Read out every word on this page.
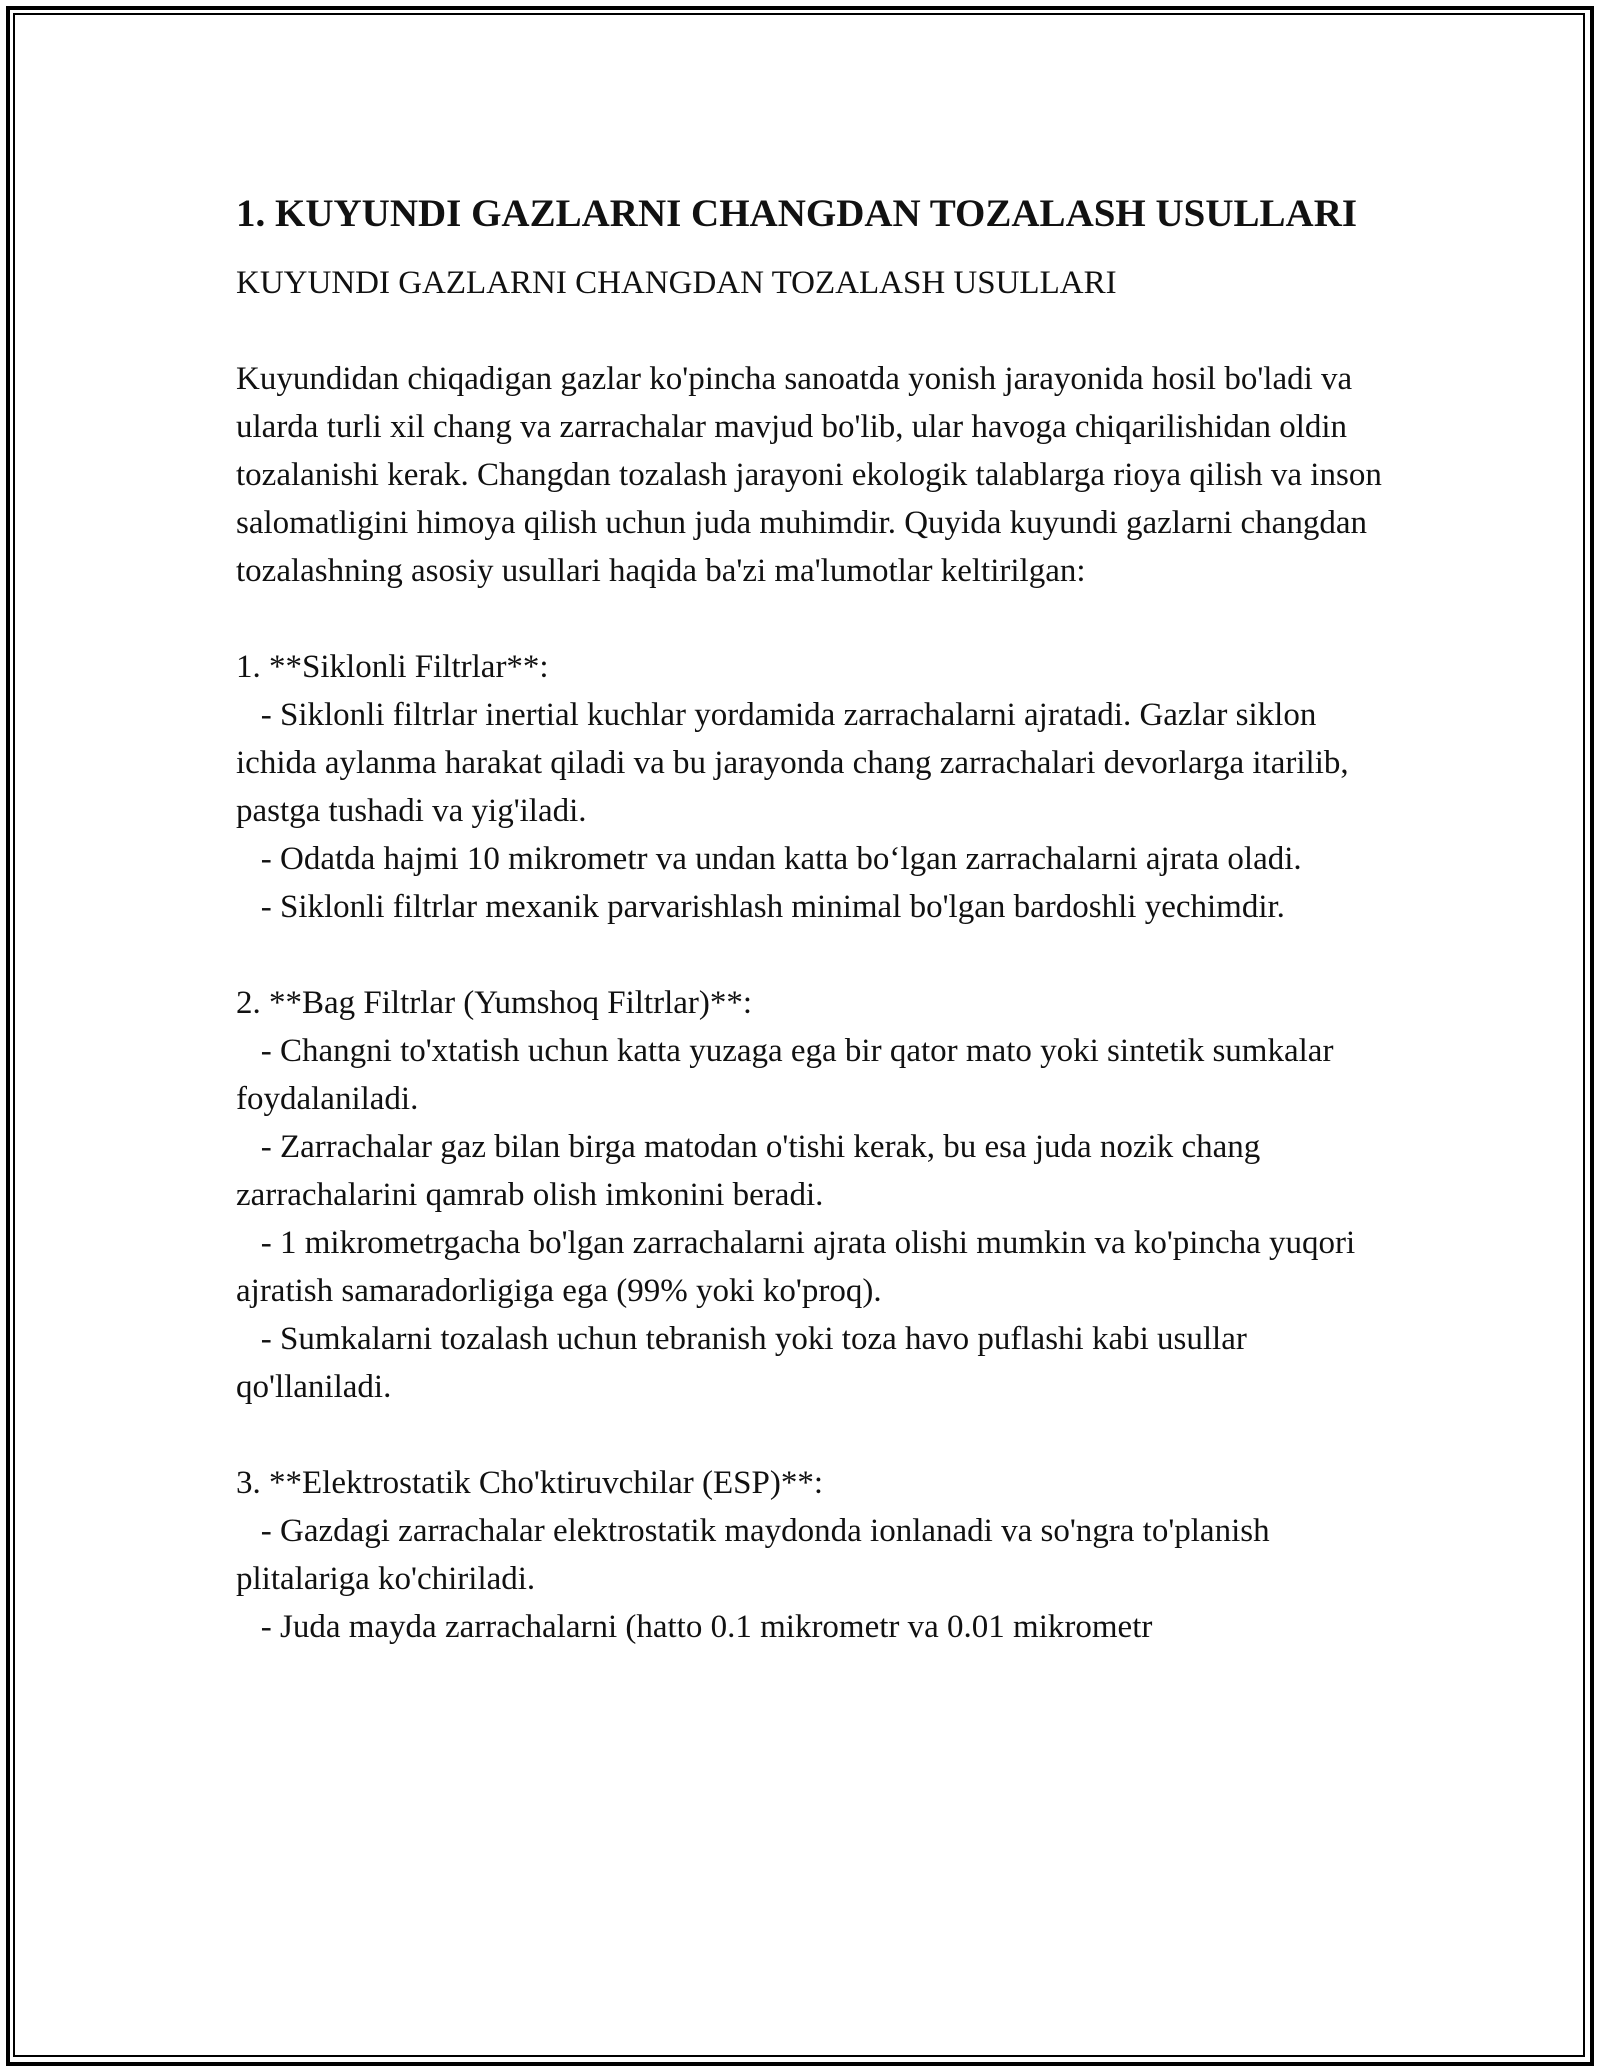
1. KUYUNDI GAZLARNI CHANGDAN TOZALASH USULLARI

KUYUNDI GAZLARNI CHANGDAN TOZALASH USULLARI

Kuyundidan chiqadigan gazlar ko'pincha sanoatda yonish jarayonida hosil bo'ladi va ularda turli xil chang va zarrachalar mavjud bo'lib, ular havoga chiqarilishidan oldin tozalanishi kerak. Changdan tozalash jarayoni ekologik talablarga rioya qilish va inson salomatligini himoya qilish uchun juda muhimdir. Quyida kuyundi gazlarni changdan tozalashning asosiy usullari haqida ba'zi ma'lumotlar keltirilgan:

1. **Siklonli Filtrlar**:
- Siklonli filtrlar inertial kuchlar yordamida zarrachalarni ajratadi. Gazlar siklon ichida aylanma harakat qiladi va bu jarayonda chang zarrachalari devorlarga itarilib, pastga tushadi va yig'iladi.
- Odatda hajmi 10 mikrometr va undan katta bo‘lgan zarrachalarni ajrata oladi.
- Siklonli filtrlar mexanik parvarishlash minimal bo'lgan bardoshli yechimdir.
2. **Bag Filtrlar (Yumshoq Filtrlar)**:
- Changni to'xtatish uchun katta yuzaga ega bir qator mato yoki sintetik sumkalar foydalaniladi.
- Zarrachalar gaz bilan birga matodan o'tishi kerak, bu esa juda nozik chang zarrachalarini qamrab olish imkonini beradi.
- 1 mikrometrgacha bo'lgan zarrachalarni ajrata olishi mumkin va ko'pincha yuqori ajratish samaradorligiga ega (99% yoki ko'proq).
- Sumkalarni tozalash uchun tebranish yoki toza havo puflashi kabi usullar qo'llaniladi.
3. **Elektrostatik Cho'ktiruvchilar (ESP)**:
- Gazdagi zarrachalar elektrostatik maydonda ionlanadi va so'ngra to'planish plitalariga ko'chiriladi.
- Juda mayda zarrachalarni (hatto 0.1 mikrometr va 0.01 mikrometr
